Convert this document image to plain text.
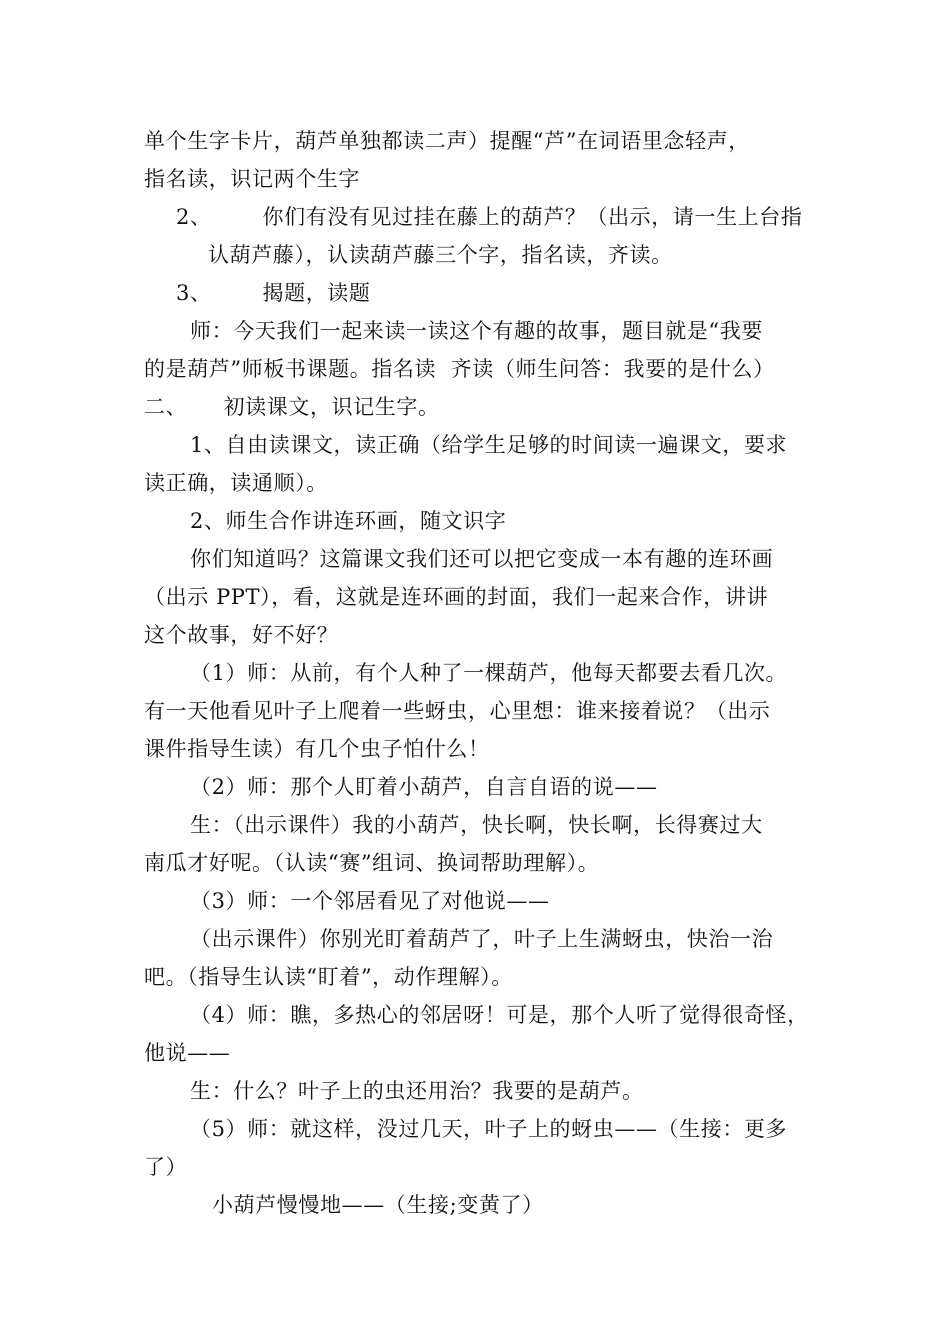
单个生字卡片，葫芦单独都读二声）提醒“芦”在词语里念轻声，
指名读，识记两个生字
2、       你们有没有见过挂在藤上的葫芦？（出示，请一生上台指
认葫芦藤），认读葫芦藤三个字，指名读，齐读。
3、       揭题，读题
师：今天我们一起来读一读这个有趣的故事，题目就是“我要
的是葫芦”师板书课题。指名读  齐读（师生问答：我要的是什么）
二、     初读课文，识记生字。
1、自由读课文，读正确（给学生足够的时间读一遍课文，要求
读正确，读通顺）。
2、师生合作讲连环画，随文识字
你们知道吗？这篇课文我们还可以把它变成一本有趣的连环画
（出示 PPT），看，这就是连环画的封面，我们一起来合作，讲讲
这个故事，好不好？
（1）师：从前，有个人种了一棵葫芦，他每天都要去看几次。
有一天他看见叶子上爬着一些蚜虫，心里想：谁来接着说？（出示
课件指导生读）有几个虫子怕什么！
（2）师：那个人盯着小葫芦，自言自语的说——
生：（出示课件）我的小葫芦，快长啊，快长啊，长得赛过大
南瓜才好呢。（认读“赛”组词、换词帮助理解）。
（3）师：一个邻居看见了对他说——
（出示课件）你别光盯着葫芦了，叶子上生满蚜虫，快治一治
吧。（指导生认读“盯着”，动作理解）。
（4）师：瞧，多热心的邻居呀！可是，那个人听了觉得很奇怪，
他说——
生：什么？叶子上的虫还用治？我要的是葫芦。
（5）师：就这样，没过几天，叶子上的蚜虫——（生接：更多
了）
小葫芦慢慢地——（生接;变黄了）
